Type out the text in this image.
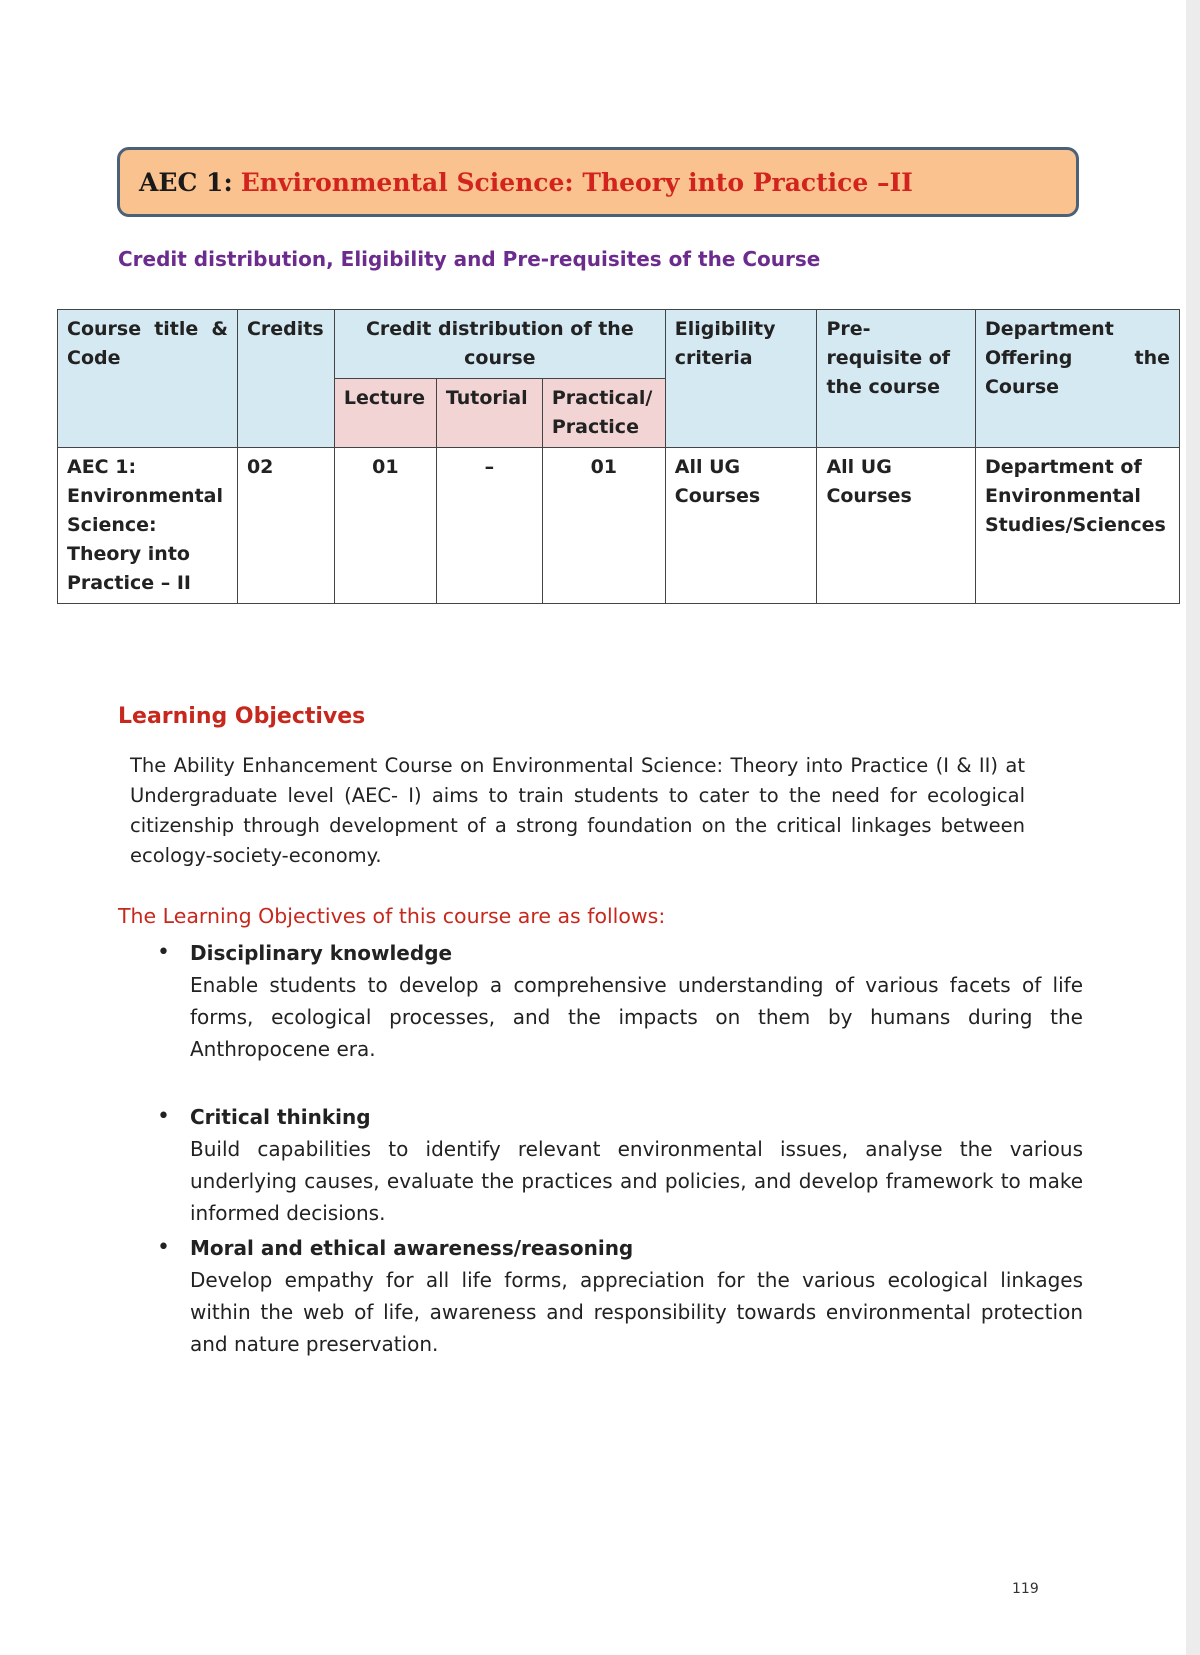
AEC 1: Environmental Science: Theory into Practice –II
Credit distribution, Eligibility and Pre-requisites of the Course
Course title & Code	Credits	Credit distribution of the course			Eligibility criteria	Pre-requisite of the course	Department Offering the Course
		Lecture	Tutorial	Practical/ Practice			
AEC 1: Environmental Science: Theory into Practice – II	02	01	–	01	All UG Courses	All UG Courses	Department of Environmental Studies/Sciences
Learning Objectives
The Ability Enhancement Course on Environmental Science: Theory into Practice (I & II) at Undergraduate level (AEC- I) aims to train students to cater to the need for ecological citizenship through development of a strong foundation on the critical linkages between ecology-society-economy.
The Learning Objectives of this course are as follows:
• Disciplinary knowledge
Enable students to develop a comprehensive understanding of various facets of life forms, ecological processes, and the impacts on them by humans during the Anthropocene era.
• Critical thinking
Build capabilities to identify relevant environmental issues, analyse the various underlying causes, evaluate the practices and policies, and develop framework to make informed decisions.
• Moral and ethical awareness/reasoning
Develop empathy for all life forms, appreciation for the various ecological linkages within the web of life, awareness and responsibility towards environmental protection and nature preservation.
119
